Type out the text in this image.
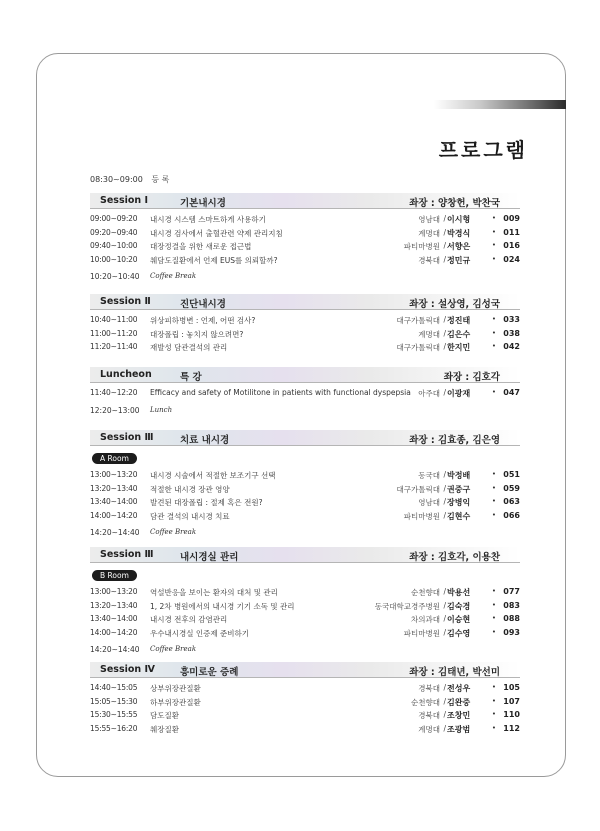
프로그램
08:30~09:00 등 록
Session Ⅰ	기본내시경	좌장 : 양창헌, 박찬국
09:00~09:20	내시경 시스템 스마트하게 사용하기	영남대 / 이시형	• 009
09:20~09:40	내시경 검사에서 출혈관련 약제 관리지침	계명대 / 박경식	• 011
09:40~10:00	대장정결을 위한 새로운 접근법	파티마병원 / 서향은	• 016
10:00~10:20	췌담도질환에서 언제 EUS를 의뢰할까?	경북대 / 정민규	• 024
10:20~10:40 Coffee Break
Session Ⅱ	진단내시경	좌장 : 설상영, 김성국
10:40~11:00	위상피하병변 : 언제, 어떤 검사?	대구가톨릭대 / 정진태	• 033
11:00~11:20	대장폴립 : 놓치지 않으려면?	계명대 / 김은수	• 038
11:20~11:40	재발성 담관결석의 관리	대구가톨릭대 / 한지민	• 042
Luncheon	특 강	좌장 : 김호각
11:40~12:20	Efficacy and safety of Motilitone in patients with functional dyspepsia 아주대 / 이광재	• 047
12:20~13:00 Lunch
Session Ⅲ	치료 내시경	좌장 : 김효종, 김은영
A Room
13:00~13:20	내시경 시술에서 적절한 보조기구 선택	동국대 / 박정배	• 051
13:20~13:40	적절한 내시경 장관 영양	대구가톨릭대 / 권중구	• 059
13:40~14:00	발견된 대장폴립 : 절제 혹은 전원?	영남대 / 장병익	• 063
14:00~14:20	담관 결석의 내시경 치료	파티마병원 / 김현수	• 066
14:20~14:40 Coffee Break
Session Ⅲ	내시경실 관리	좌장 : 김호각, 이용찬
B Room
13:00~13:20	역설반응을 보이는 환자의 대처 및 관리	순천향대 / 박용선	• 077
13:20~13:40	1, 2차 병원에서의 내시경 기기 소독 및 관리	동국대학교경주병원 / 김숙경	• 083
13:40~14:00	내시경 전후의 감염관리	차의과대 / 이승현	• 088
14:00~14:20	우수내시경실 인증제 준비하기	파티마병원 / 김수영	• 093
14:20~14:40 Coffee Break
Session Ⅳ	흥미로운 증례	좌장 : 김태년, 박선미
14:40~15:05	상부위장관질환	경북대 / 전성우	• 105
15:05~15:30	하부위장관질환	순천향대 / 김완중	• 107
15:30~15:55	담도질환	경북대 / 조창민	• 110
15:55~16:20	췌장질환	계명대 / 조광범	• 112
